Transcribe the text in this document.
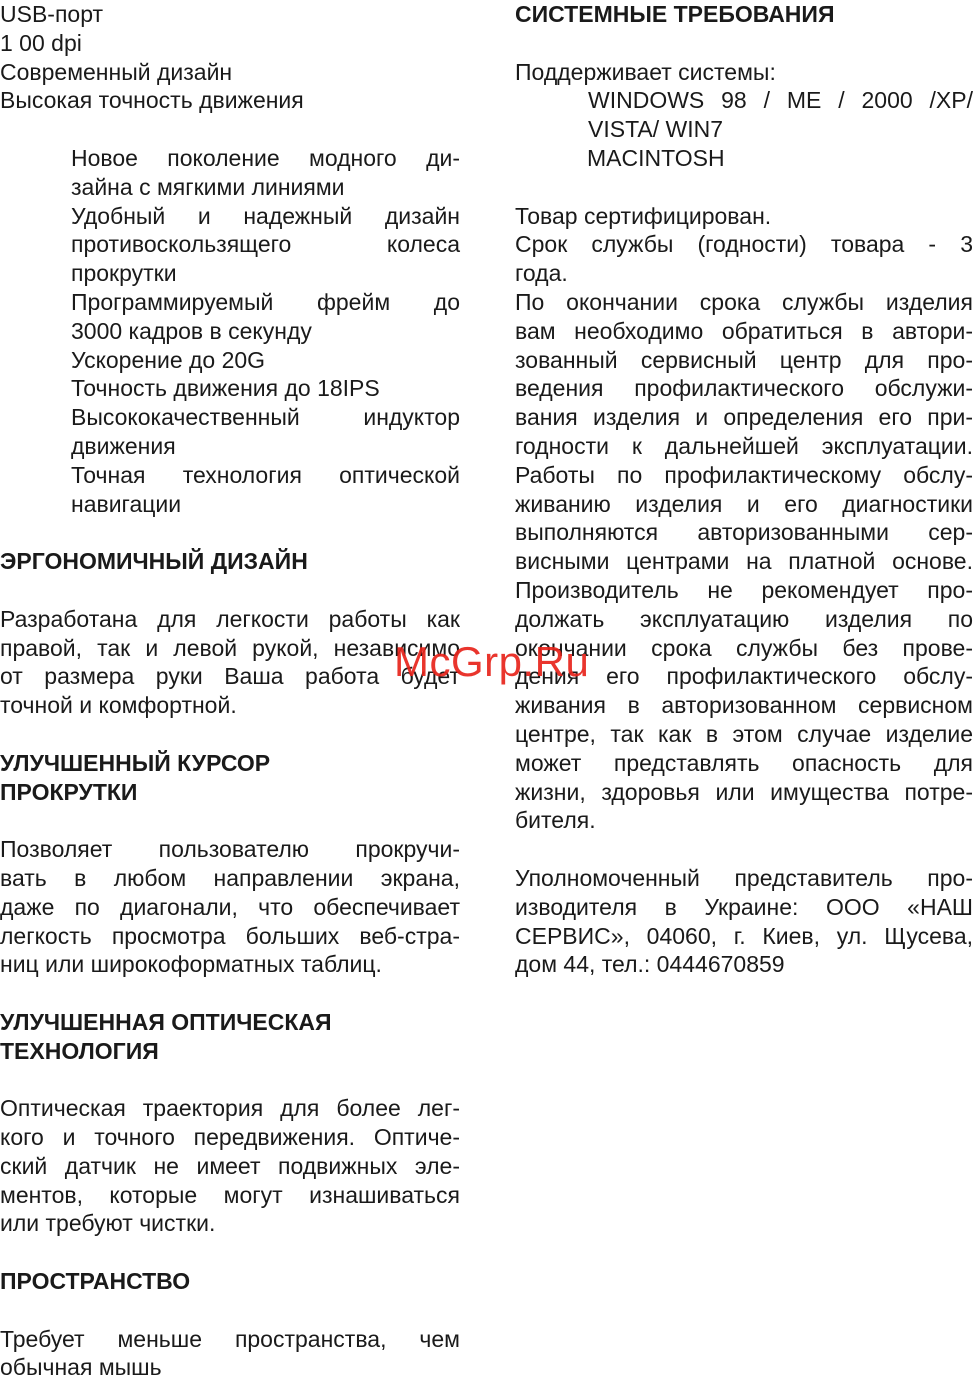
USB-порт
1 00 dpi
Современный дизайн
Высокая точность движения
Новое поколение модного ди-
зайна с мягкими линиями
Удобный и надежный дизайн
противоскользящего колеса
прокрутки
Программируемый фрейм до
3000 кадров в секунду
Ускорение до 20G
Точность движения до 18IPS
Высококачественный индуктор
движения
Точная технология оптической
навигации
ЭРГОНОМИЧНЫЙ ДИЗАЙН
Разработана для легкости работы как
правой, так и левой рукой, независимо
от размера руки Ваша работа будет
точной и комфортной.
УЛУЧШЕННЫЙ КУРСОР
ПРОКРУТКИ
Позволяет пользователю прокручи-
вать в любом направлении экрана,
даже по диагонали, что обеспечивает
легкость просмотра больших веб-стра-
ниц или широкоформатных таблиц.
УЛУЧШЕННАЯ ОПТИЧЕСКАЯ
ТЕХНОЛОГИЯ
Оптическая траектория для более лег-
кого и точного передвижения. Оптиче-
ский датчик не имеет подвижных эле-
ментов, которые могут изнашиваться
или требуют чистки.
ПРОСТРАНСТВО
Требует меньше пространства, чем
обычная мышь
СИСТЕМНЫЕ ТРЕБОВАНИЯ
Поддерживает системы:
WINDOWS 98 / ME / 2000 /XP/
VISTA/ WIN7
MACINTOSH
Товар сертифицирован.
Срок службы (годности) товара - 3
года.
По окончании срока службы изделия
вам необходимо обратиться в автори-
зованный сервисный центр для про-
ведения профилактического обслужи-
вания изделия и определения его при-
годности к дальнейшей эксплуатации.
Работы по профилактическому обслу-
живанию изделия и его диагностики
выполняются авторизованными сер-
висными центрами на платной основе.
Производитель не рекомендует про-
должать эксплуатацию изделия по
окончании срока службы без прове-
дения его профилактического обслу-
живания в авторизованном сервисном
центре, так как в этом случае изделие
может представлять опасность для
жизни, здоровья или имущества потре-
бителя.
Уполномоченный представитель про-
изводителя в Украине: ООО «НАШ
СЕРВИС», 04060, г. Киев, ул. Щусева,
дом 44, тел.: 0444670859
McGrp.Ru
